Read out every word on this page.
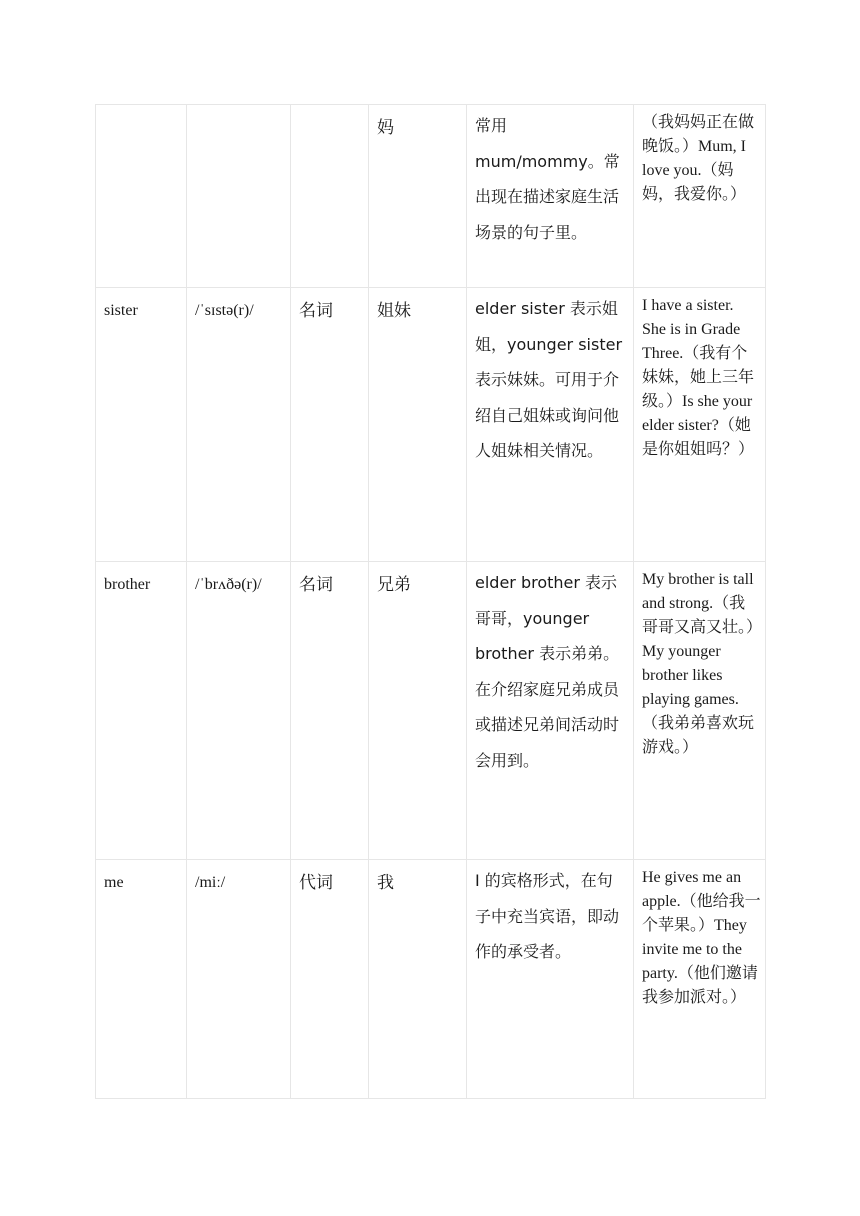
			妈	常用 mum/mommy。常出现在描述家庭生活场景的句子里。	（我妈妈正在做晚饭。）Mum, I love you.（妈妈，我爱你。）
sister	/ˈsɪstə(r)/	名词	姐妹	elder sister 表示姐姐，younger sister 表示妹妹。可用于介绍自己姐妹或询问他人姐妹相关情况。	I have a sister. She is in Grade Three.（我有个妹妹，她上三年级。）Is she your elder sister?（她是你姐姐吗？）
brother	/ˈbrʌðə(r)/	名词	兄弟	elder brother 表示哥哥，younger brother 表示弟弟。在介绍家庭兄弟成员或描述兄弟间活动时会用到。	My brother is tall and strong.（我哥哥又高又壮。）My younger brother likes playing games.（我弟弟喜欢玩游戏。）
me	/miː/	代词	我	I 的宾格形式，在句子中充当宾语，即动作的承受者。	He gives me an apple.（他给我一个苹果。）They invite me to the party.（他们邀请我参加派对。）
